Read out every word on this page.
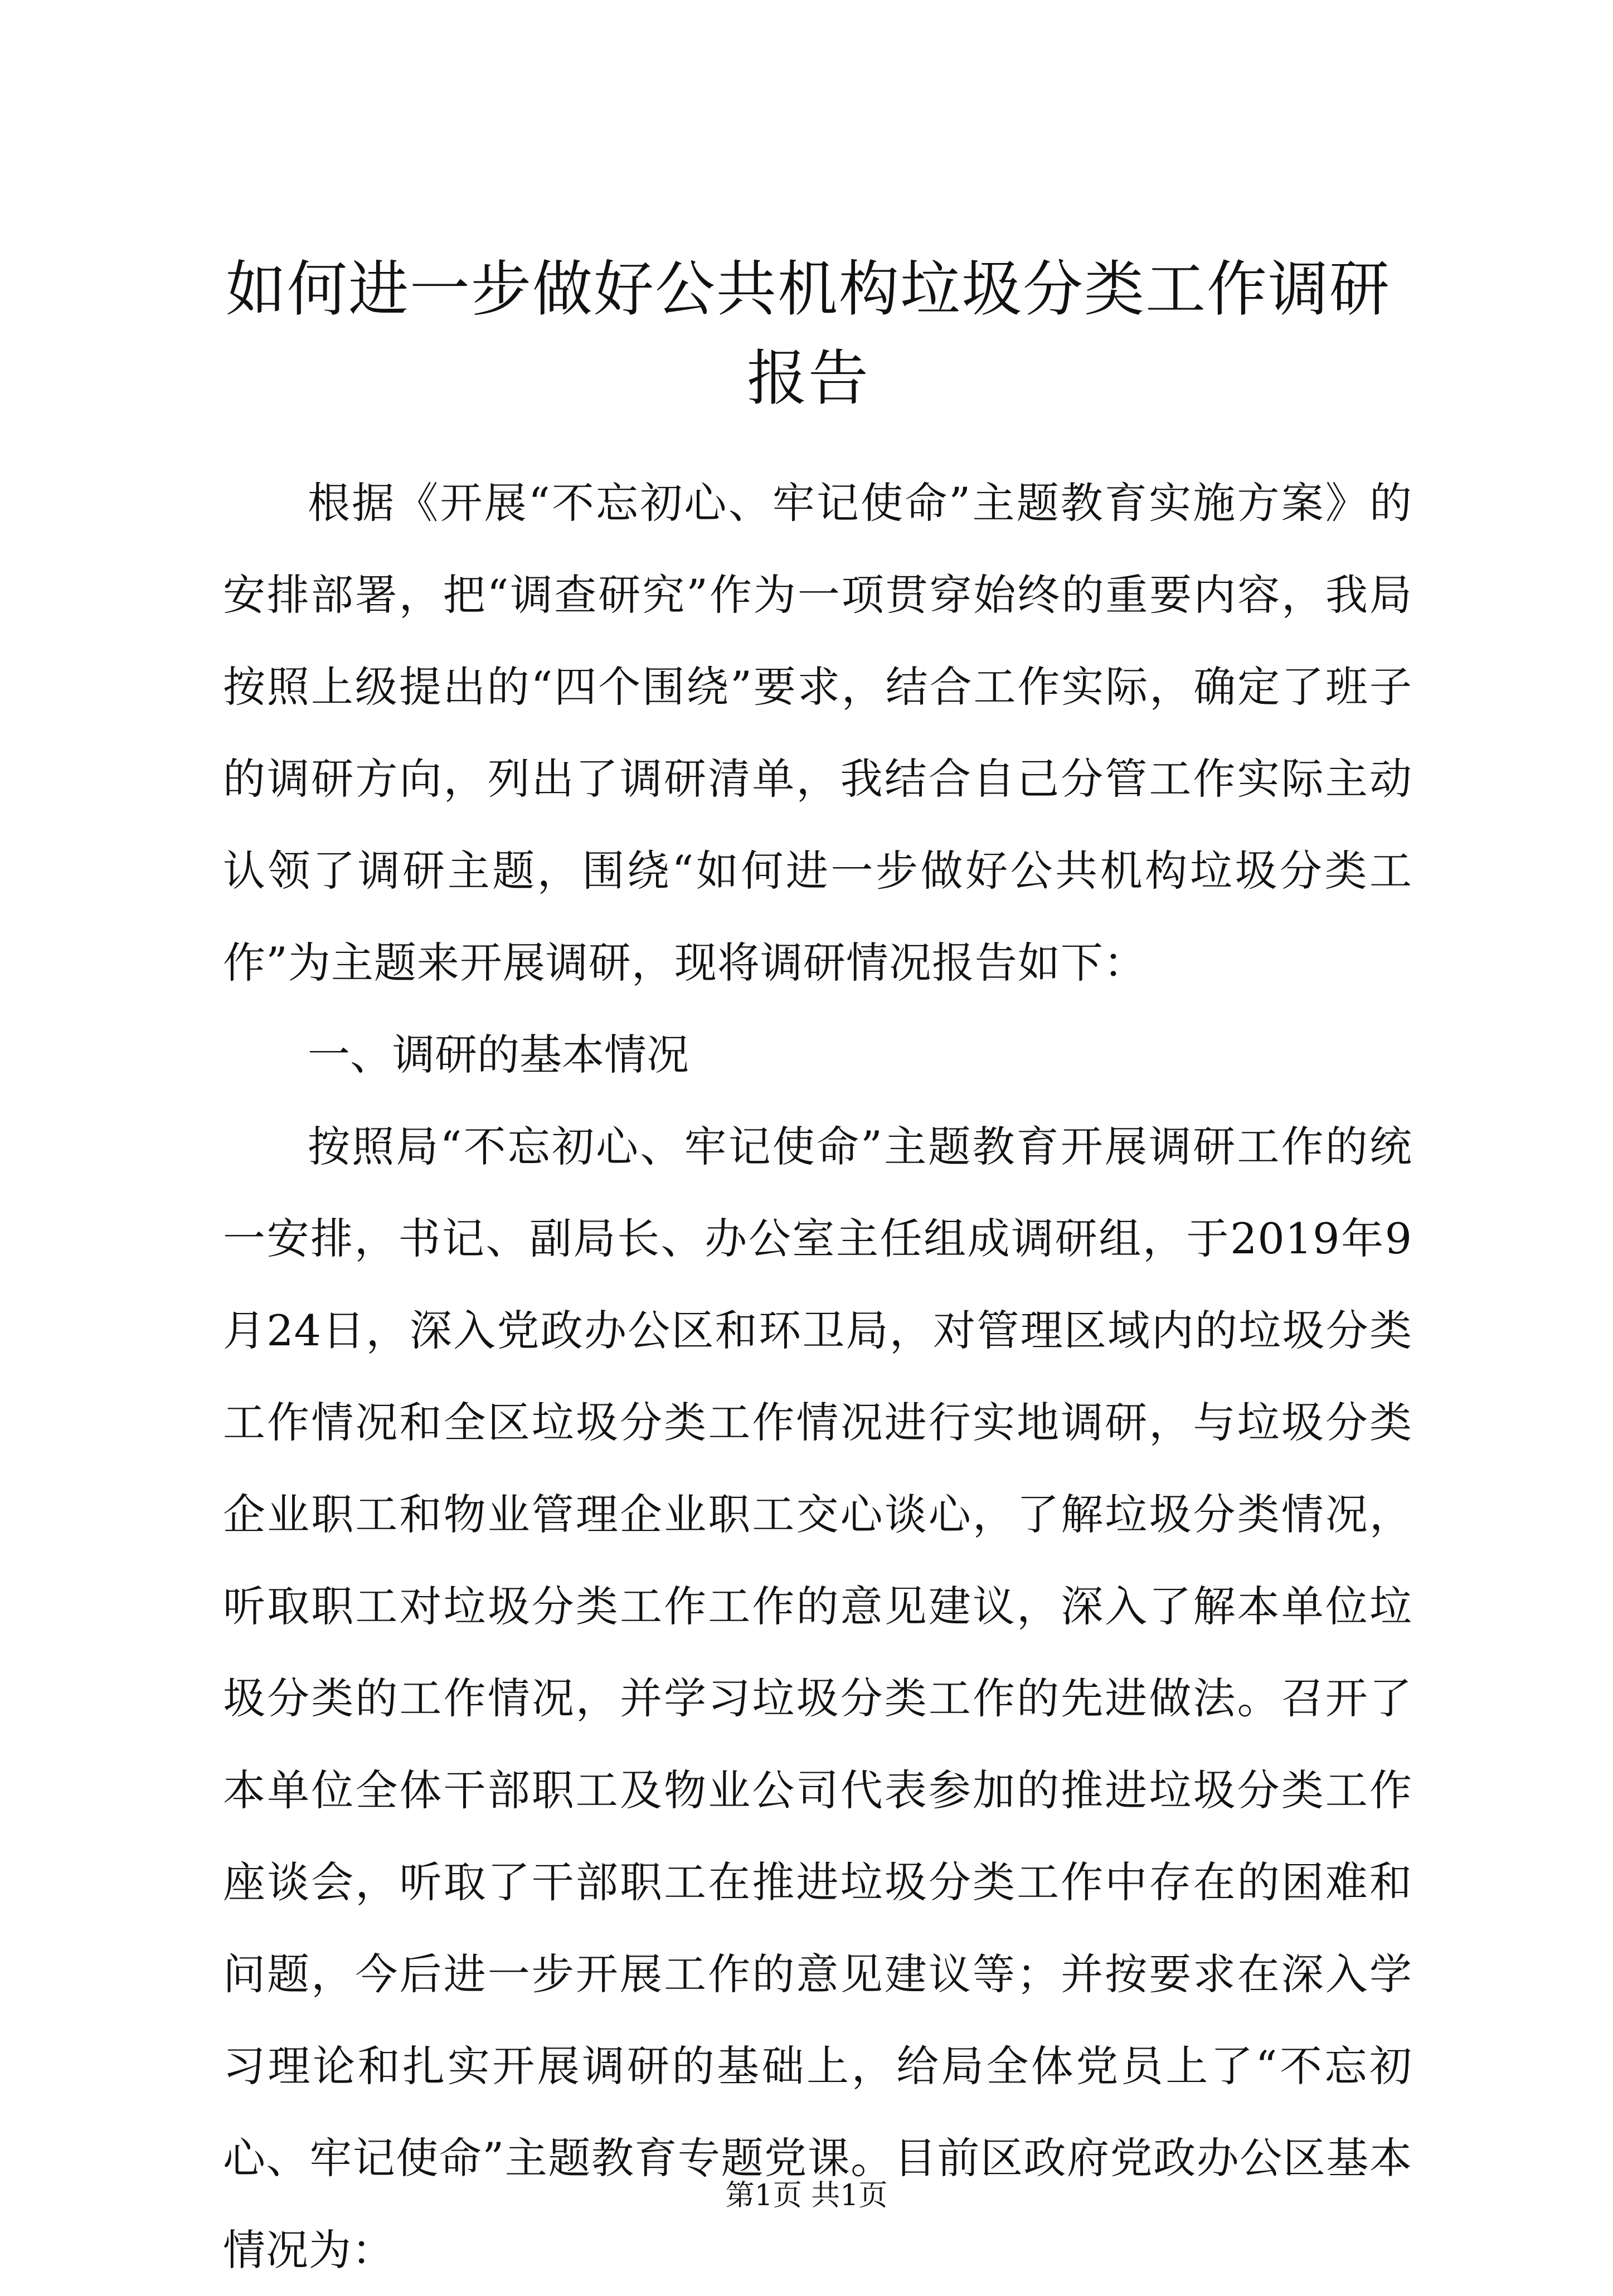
如何进一步做好公共机构垃圾分类工作调研报告

根据《开展“不忘初心、牢记使命”主题教育实施方案》的安排部署，把“调查研究”作为一项贯穿始终的重要内容，我局按照上级提出的“四个围绕”要求，结合工作实际，确定了班子的调研方向，列出了调研清单，我结合自己分管工作实际主动认领了调研主题，围绕“如何进一步做好公共机构垃圾分类工作”为主题来开展调研，现将调研情况报告如下：

一、调研的基本情况

按照局“不忘初心、牢记使命”主题教育开展调研工作的统一安排，书记、副局长、办公室主任组成调研组，于2019年9月24日，深入党政办公区和环卫局，对管理区域内的垃圾分类工作情况和全区垃圾分类工作情况进行实地调研，与垃圾分类企业职工和物业管理企业职工交心谈心，了解垃圾分类情况，听取职工对垃圾分类工作工作的意见建议，深入了解本单位垃圾分类的工作情况，并学习垃圾分类工作的先进做法。召开了本单位全体干部职工及物业公司代表参加的推进垃圾分类工作座谈会，听取了干部职工在推进垃圾分类工作中存在的困难和问题，今后进一步开展工作的意见建议等；并按要求在深入学习理论和扎实开展调研的基础上，给局全体党员上了“不忘初心、牢记使命”主题教育专题党课。目前区政府党政办公区基本情况为：

第1页 共1页
